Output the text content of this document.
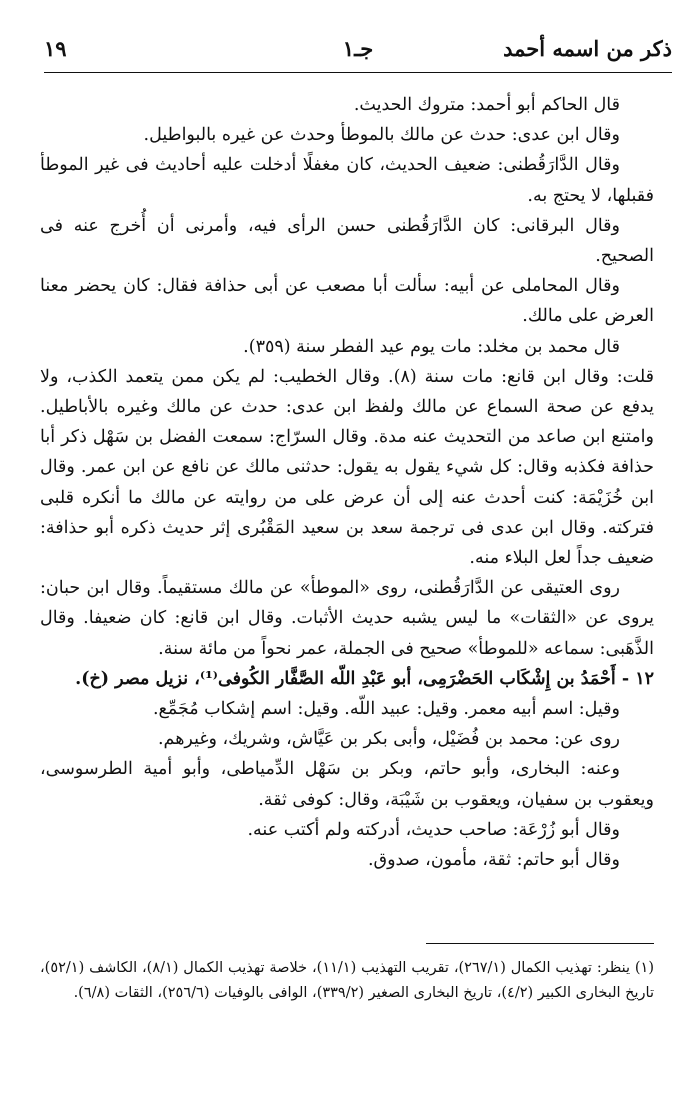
ذكر من اسمه أحمد
جـ١
١٩

قال الحاكم أبو أحمد: متروك الحديث.

وقال ابن عدى: حدث عن مالك بالموطأ وحدث عن غيره بالبواطيل.

وقال الدَّارَقُطنى: ضعيف الحديث، كان مغفلًا أدخلت عليه أحاديث فى غير الموطأ فقبلها، لا يحتج به.

وقال البرقانى: كان الدَّارَقُطنى حسن الرأى فيه، وأمرنى أن أُخرج عنه فى الصحيح.

وقال المحاملى عن أبيه: سألت أبا مصعب عن أبى حذافة فقال: كان يحضر معنا العرض على مالك.

قال محمد بن مخلد: مات يوم عيد الفطر سنة (٣٥٩).

قلت: وقال ابن قانع: مات سنة (٨). وقال الخطيب: لم يكن ممن يتعمد الكذب، ولا يدفع عن صحة السماع عن مالك ولفظ ابن عدى: حدث عن مالك وغيره بالأباطيل. وامتنع ابن صاعد من التحديث عنه مدة. وقال السرّاج: سمعت الفضل بن سَهْل ذكر أبا حذافة فكذبه وقال: كل شيء يقول به يقول: حدثنى مالك عن نافع عن ابن عمر. وقال ابن خُزَيْمَة: كنت أحدث عنه إلى أن عرض على من روايته عن مالك ما أنكره قلبى فتركته. وقال ابن عدى فى ترجمة سعد بن سعيد المَقْبُرى إثر حديث ذكره أبو حذافة: ضعيف جداً لعل البلاء منه.

روى العتيقى عن الدَّارَقُطنى، روى «الموطأ» عن مالك مستقيماً. وقال ابن حبان: يروى عن «الثقات» ما ليس يشبه حديث الأثبات. وقال ابن قانع: كان ضعيفا. وقال الذَّهَبى: سماعه «للموطأ» صحيح فى الجملة، عمر نحواً من مائة سنة.

١٢ - أَحْمَدُ بن إِشْكَاب الحَضْرَمِى، أبو عَبْدِ اللّه الصَّفَّار الكُوفى⁽¹⁾، نزيل مصر (خ).

وقيل: اسم أبيه معمر. وقيل: عبيد اللّه. وقيل: اسم إشكاب مُجَمِّع.

روى عن: محمد بن فُضَيْل، وأبى بكر بن عَيَّاش، وشريك، وغيرهم.

وعنه: البخارى، وأبو حاتم، وبكر بن سَهْل الدِّمياطى، وأبو أمية الطرسوسى، ويعقوب بن سفيان، ويعقوب بن شَيْبَة، وقال: كوفى ثقة.

وقال أبو زُرْعَة: صاحب حديث، أدركته ولم أكتب عنه.

وقال أبو حاتم: ثقة، مأمون، صدوق.

(١) ينظر: تهذيب الكمال (٢٦٧/١)، تقريب التهذيب (١١/١)، خلاصة تهذيب الكمال (٨/١)، الكاشف (٥٢/١)، تاريخ البخارى الكبير (٤/٢)، تاريخ البخارى الصغير (٣٣٩/٢)، الوافى بالوفيات (٢٥٦/٦)، الثقات (٦/٨).
